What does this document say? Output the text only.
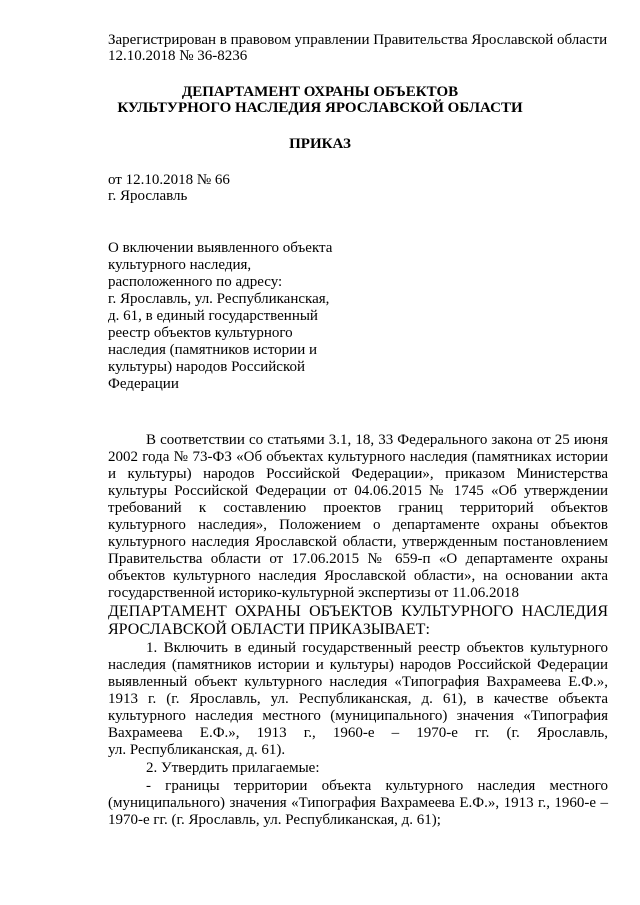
Зарегистрирован в правовом управлении Правительства Ярославской области
12.10.2018 № 36-8236
ДЕПАРТАМЕНТ ОХРАНЫ ОБЪЕКТОВ
КУЛЬТУРНОГО НАСЛЕДИЯ ЯРОСЛАВСКОЙ ОБЛАСТИ
ПРИКАЗ
от 12.10.2018 № 66
г. Ярославль
О включении выявленного объекта
культурного наследия,
расположенного по адресу:
г. Ярославль, ул. Республиканская,
д. 61, в единый государственный
реестр объектов культурного
наследия (памятников истории и
культуры) народов Российской
Федерации
В соответствии со статьями 3.1, 18, 33 Федерального закона от 25 июня
2002 года № 73-ФЗ «Об объектах культурного наследия (памятниках истории
и культуры) народов Российской Федерации», приказом Министерства
культуры Российской Федерации от 04.06.2015 № 1745 «Об утверждении
требований к составлению проектов границ территорий объектов
культурного наследия», Положением о департаменте охраны объектов
культурного наследия Ярославской области, утвержденным постановлением
Правительства области от 17.06.2015 № 659-п «О департаменте охраны
объектов культурного наследия Ярославской области», на основании акта
государственной историко-культурной экспертизы от 11.06.2018
ДЕПАРТАМЕНТ ОХРАНЫ ОБЪЕКТОВ КУЛЬТУРНОГО НАСЛЕДИЯ
ЯРОСЛАВСКОЙ ОБЛАСТИ ПРИКАЗЫВАЕТ:
1. Включить в единый государственный реестр объектов культурного
наследия (памятников истории и культуры) народов Российской Федерации
выявленный объект культурного наследия «Типография Вахрамеева Е.Ф.»,
1913 г. (г. Ярославль, ул. Республиканская, д. 61), в качестве объекта
культурного наследия местного (муниципального) значения «Типография
Вахрамеева Е.Ф.», 1913 г., 1960-е – 1970-е гг. (г. Ярославль,
ул. Республиканская, д. 61).
2. Утвердить прилагаемые:
- границы территории объекта культурного наследия местного
(муниципального) значения «Типография Вахрамеева Е.Ф.», 1913 г., 1960-е –
1970-е гг. (г. Ярославль, ул. Республиканская, д. 61);
